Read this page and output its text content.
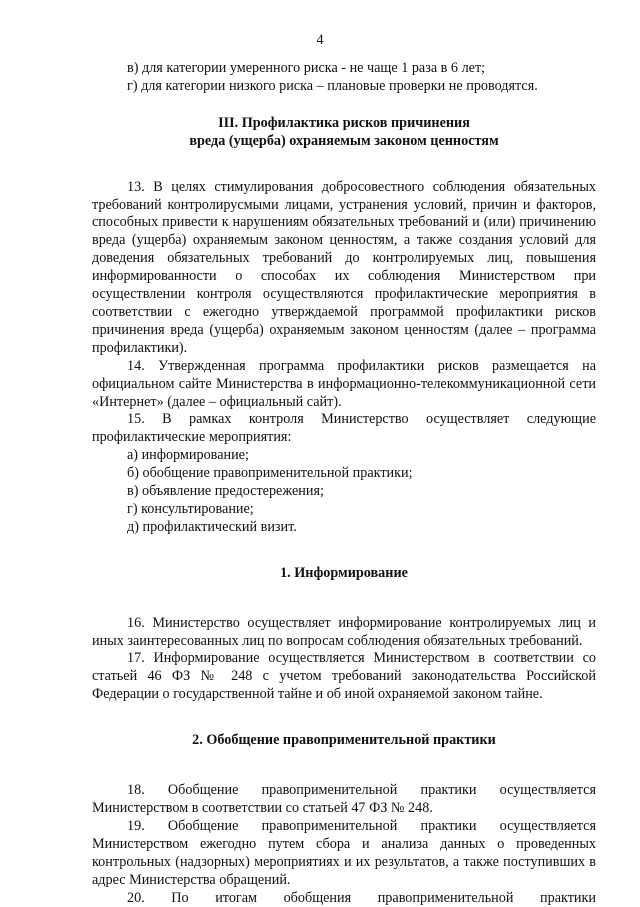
4

в) для категории умеренного риска - не чаще 1 раза в 6 лет;

г) для категории низкого риска – плановые проверки не проводятся.

III. Профилактика рисков причинения
вреда (ущерба) охраняемым законом ценностям

13. В целях стимулирования добросовестного соблюдения обязательных требований контролирусмыми лицами, устранения условий, причин и факторов, способных привести к нарушениям обязательных требований и (или) причинению вреда (ущерба) охраняемым законом ценностям, а также создания условий для доведения обязательных требований до контролируемых лиц, повышения информированности о способах их соблюдения Министерством при осуществлении контроля осуществляются профилактические мероприятия в соответствии с ежегодно утверждаемой программой профилактики рисков причинения вреда (ущерба) охраняемым законом ценностям (далее – программа профилактики).

14. Утвержденная программа профилактики рисков размещается на официальном сайте Министерства в информационно-телекоммуникационной сети «Интернет» (далее – официальный сайт).

15. В рамках контроля Министерство осуществляет следующие профилактические мероприятия:

а) информирование;

б) обобщение правоприменительной практики;

в) объявление предостережения;

г) консультирование;

д) профилактический визит.

1. Информирование

16. Министерство осуществляет информирование контролируемых лиц и иных заинтересованных лиц по вопросам соблюдения обязательных требований.

17. Информирование осуществляется Министерством в соответствии со статьей 46 ФЗ № 248 с учетом требований законодательства Российской Федерации о государственной тайне и об иной охраняемой законом тайне.

2. Обобщение правоприменительной практики

18. Обобщение правоприменительной практики осуществляется Министерством в соответствии со статьей 47 ФЗ № 248.

19. Обобщение правоприменительной практики осуществляется Министерством ежегодно путем сбора и анализа данных о проведенных контрольных (надзорных) мероприятиях и их результатов, а также поступивших в адрес Министерства обращений.

20. По итогам обобщения правоприменительной практики
